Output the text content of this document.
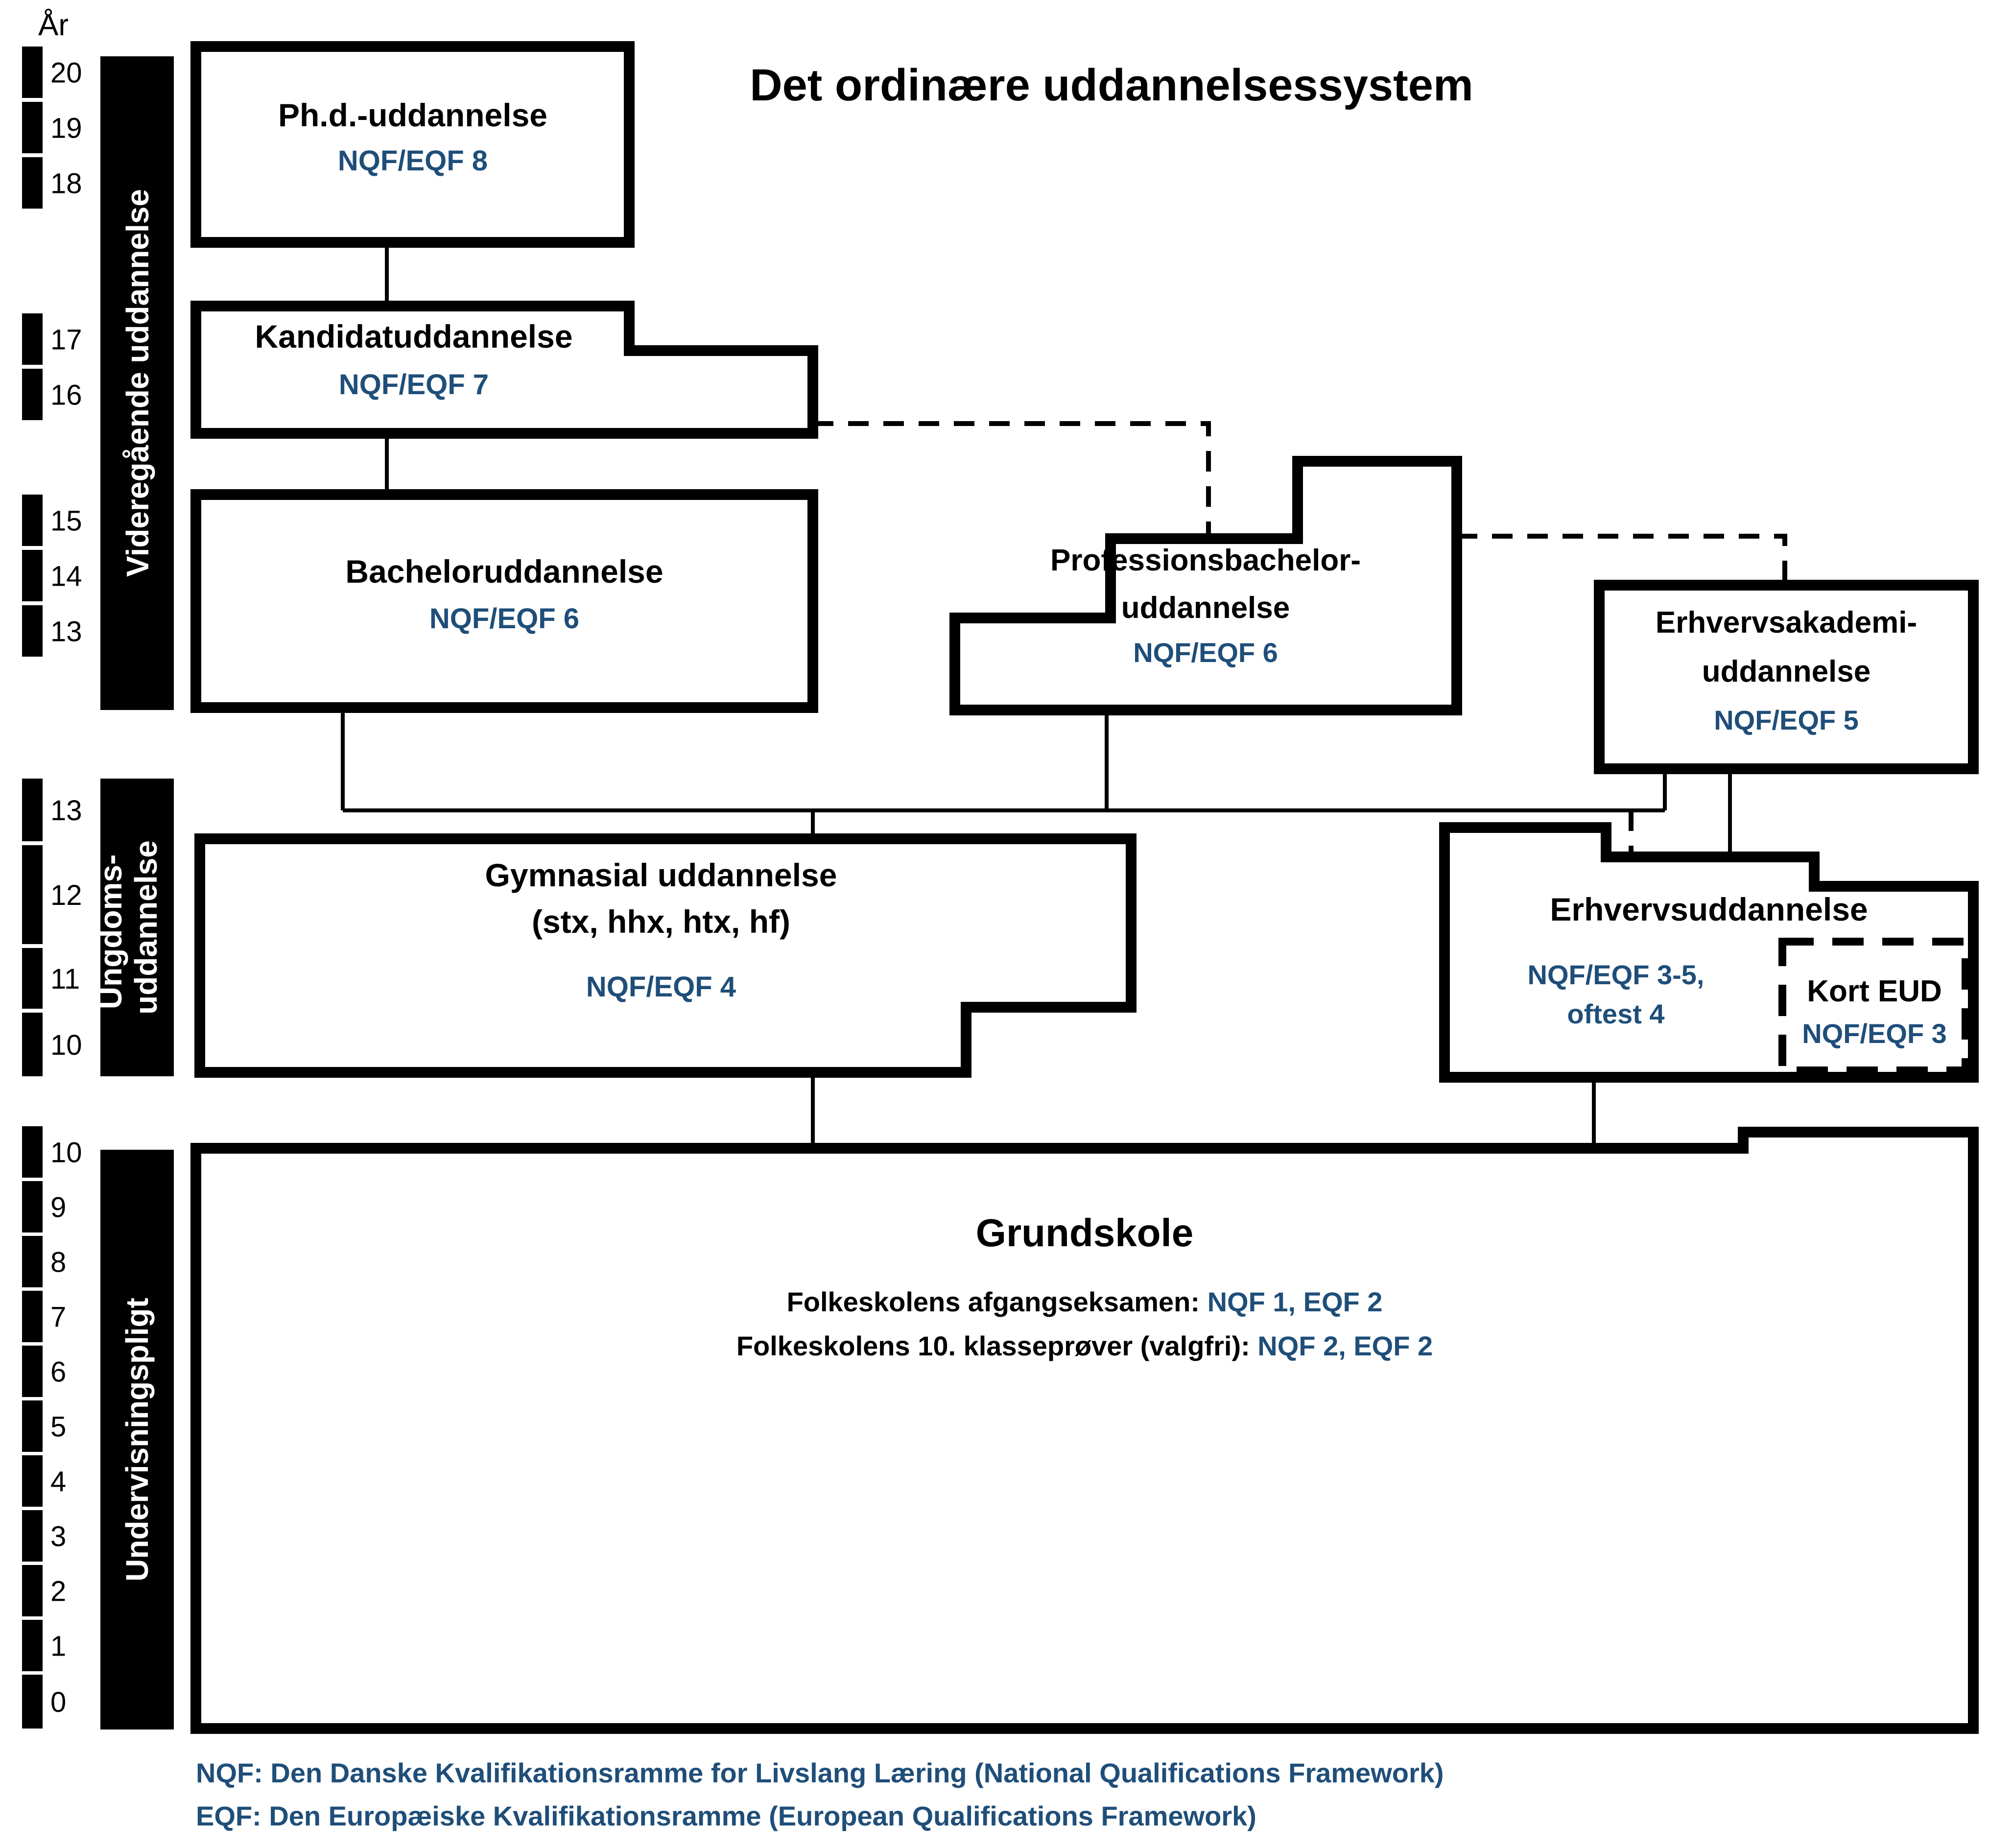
Det ordinære uddannelsessystem
År
20
19
18
17
16
15
14
13
13
12
11
10
10
9
8
7
6
5
4
3
2
1
0
Videregående uddannelse
Ungdoms- uddannelse
Undervisningspligt
Ph.d.-uddannelse
NQF/EQF 8
Kandidatuddannelse
NQF/EQF 7
Bacheloruddannelse
NQF/EQF 6
Professionsbachelor-
uddannelse
NQF/EQF 6
Erhvervsakademi-
uddannelse
NQF/EQF 5
Gymnasial uddannelse
(stx, hhx, htx, hf)
NQF/EQF 4
Erhvervsuddannelse
NQF/EQF 3-5,
oftest 4
Kort EUD
NQF/EQF 3
Grundskole
Folkeskolens afgangseksamen: NQF 1, EQF 2
Folkeskolens 10. klasseprøver (valgfri): NQF 2, EQF 2
NQF: Den Danske Kvalifikationsramme for Livslang Læring (National Qualifications Framework)
EQF: Den Europæiske Kvalifikationsramme (European Qualifications Framework)
